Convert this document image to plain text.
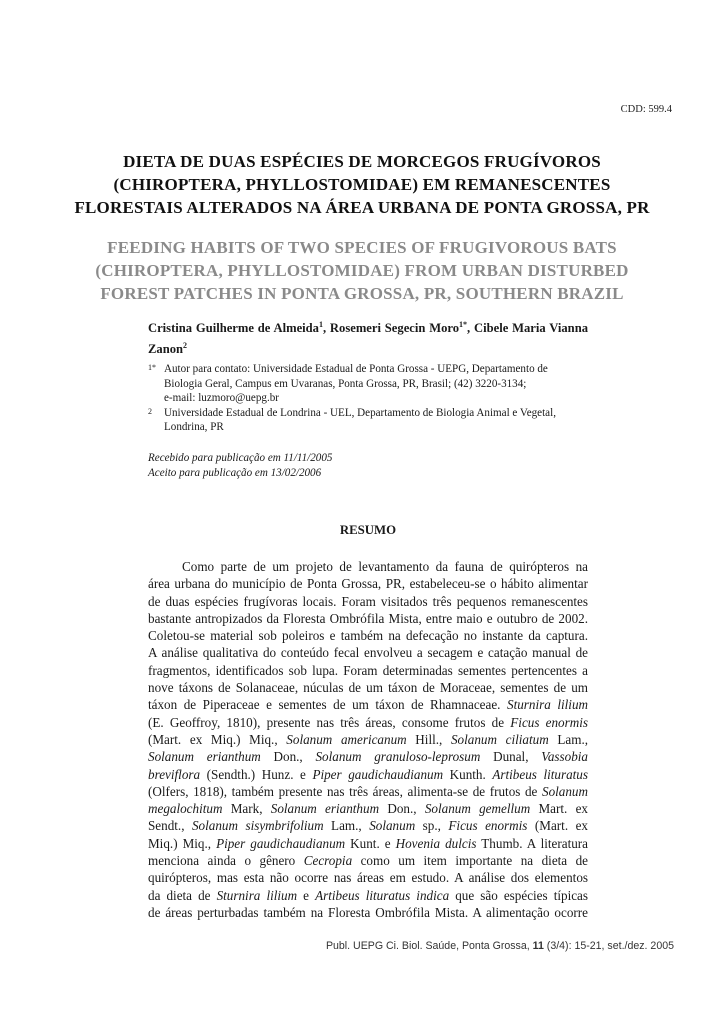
CDD: 599.4
DIETA DE DUAS ESPÉCIES DE MORCEGOS FRUGÍVOROS
(CHIROPTERA, PHYLLOSTOMIDAE) EM REMANESCENTES
FLORESTAIS ALTERADOS NA ÁREA URBANA DE PONTA GROSSA, PR
FEEDING HABITS OF TWO SPECIES OF FRUGIVOROUS BATS
(CHIROPTERA, PHYLLOSTOMIDAE) FROM URBAN DISTURBED
FOREST PATCHES IN PONTA GROSSA, PR, SOUTHERN BRAZIL
Cristina Guilherme de Almeida$^1$, Rosemeri Segecin Moro$^{1*}$, Cibele Maria Vianna Zanon$^2$
1* Autor para contato: Universidade Estadual de Ponta Grossa - UEPG, Departamento de
Biologia Geral, Campus em Uvaranas, Ponta Grossa, PR, Brasil; (42) 3220-3134;
e-mail: luzmoro@uepg.br
2	Universidade Estadual de Londrina - UEL, Departamento de Biologia Animal e Vegetal,
Londrina, PR
Recebido para publicação em 11/11/2005
Aceito para publicação em 13/02/2006
RESUMO
Como parte de um projeto de levantamento da fauna de quirópteros na
área urbana do município de Ponta Grossa, PR, estabeleceu-se o hábito alimentar
de duas espécies frugívoras locais. Foram visitados três pequenos remanescentes
bastante antropizados da Floresta Ombrófila Mista, entre maio e outubro de 2002.
Coletou-se material sob poleiros e também na defecação no instante da captura.
A análise qualitativa do conteúdo fecal envolveu a secagem e catação manual de
fragmentos, identificados sob lupa. Foram determinadas sementes pertencentes a
nove táxons de Solanaceae, núculas de um táxon de Moraceae, sementes de um
táxon de Piperaceae e sementes de um táxon de Rhamnaceae. Sturnira lilium
(E. Geoffroy, 1810), presente nas três áreas, consome frutos de Ficus enormis
(Mart. ex Miq.) Miq., Solanum americanum Hill., Solanum ciliatum Lam.,
Solanum erianthum Don., Solanum granuloso-leprosum Dunal, Vassobia
breviflora (Sendth.) Hunz. e Piper gaudichaudianum Kunth. Artibeus lituratus
(Olfers, 1818), também presente nas três áreas, alimenta-se de frutos de Solanum
megalochitum Mark, Solanum erianthum Don., Solanum gemellum Mart. ex
Sendt., Solanum sisymbrifolium Lam., Solanum sp., Ficus enormis (Mart. ex
Miq.) Miq., Piper gaudichaudianum Kunt. e Hovenia dulcis Thumb. A literatura
menciona ainda o gênero Cecropia como um item importante na dieta de
quirópteros, mas esta não ocorre nas áreas em estudo. A análise dos elementos
da dieta de Sturnira lilium e Artibeus lituratus indica que são espécies típicas
de áreas perturbadas também na Floresta Ombrófila Mista. A alimentação ocorre
Publ. UEPG Ci. Biol. Saúde, Ponta Grossa, 11 (3/4): 15-21, set./dez. 2005
